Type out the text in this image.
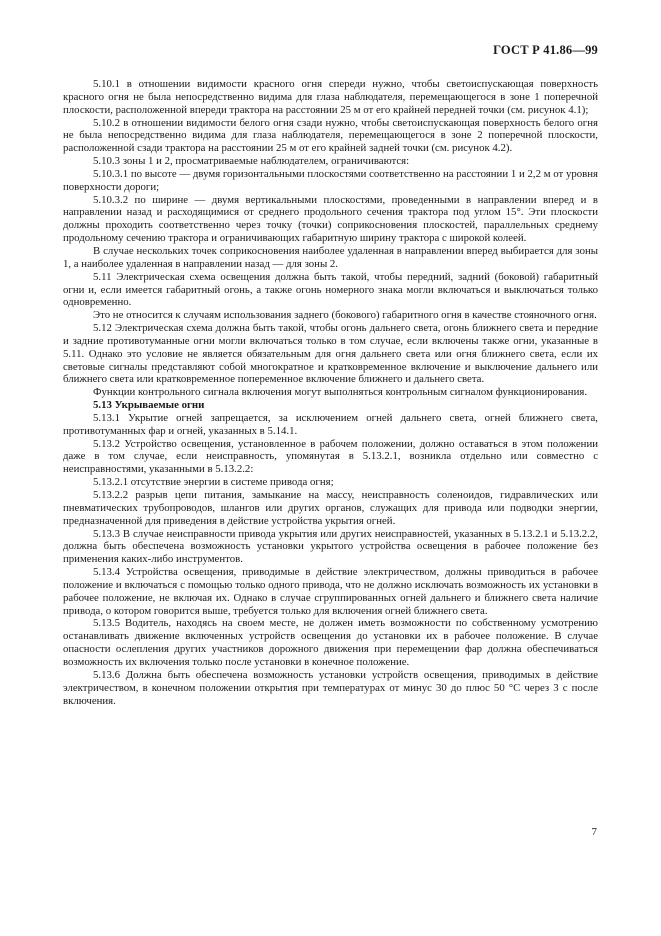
ГОСТ Р 41.86—99

5.10.1 в отношении видимости красного огня спереди нужно, чтобы светоиспускающая поверхность красного огня не была непосредственно видима для глаза наблюдателя, перемещающегося в зоне 1 поперечной плоскости, расположенной впереди трактора на расстоянии 25 м от его крайней передней точки (см. рисунок 4.1);

5.10.2 в отношении видимости белого огня сзади нужно, чтобы светоиспускающая поверхность белого огня не была непосредственно видима для глаза наблюдателя, перемещающегося в зоне 2 поперечной плоскости, расположенной сзади трактора на расстоянии 25 м от его крайней задней точки (см. рисунок 4.2).

5.10.3 зоны 1 и 2, просматриваемые наблюдателем, ограничиваются:

5.10.3.1 по высоте — двумя горизонтальными плоскостями соответственно на расстоянии 1 и 2,2 м от уровня поверхности дороги;

5.10.3.2 по ширине — двумя вертикальными плоскостями, проведенными в направлении вперед и в направлении назад и расходящимися от среднего продольного сечения трактора под углом 15°. Эти плоскости должны проходить соответственно через точку (точки) соприкосновения плоскостей, параллельных среднему продольному сечению трактора и ограничивающих габаритную ширину трактора с широкой колеей.

В случае нескольких точек соприкосновения наиболее удаленная в направлении вперед выбирается для зоны 1, а наиболее удаленная в направлении назад — для зоны 2.

5.11 Электрическая схема освещения должна быть такой, чтобы передний, задний (боковой) габаритный огни и, если имеется габаритный огонь, а также огонь номерного знака могли включаться и выключаться только одновременно.

Это не относится к случаям использования заднего (бокового) габаритного огня в качестве стояночного огня.

5.12 Электрическая схема должна быть такой, чтобы огонь дальнего света, огонь ближнего света и передние и задние противотуманные огни могли включаться только в том случае, если включены также огни, указанные в 5.11. Однако это условие не является обязательным для огня дальнего света или огня ближнего света, если их световые сигналы представляют собой многократное и кратковременное включение и выключение дальнего или ближнего света или кратковременное попеременное включение ближнего и дальнего света.

Функции контрольного сигнала включения могут выполняться контрольным сигналом функционирования.

5.13 Укрываемые огни

5.13.1 Укрытие огней запрещается, за исключением огней дальнего света, огней ближнего света, противотуманных фар и огней, указанных в 5.14.1.

5.13.2 Устройство освещения, установленное в рабочем положении, должно оставаться в этом положении даже в том случае, если неисправность, упомянутая в 5.13.2.1, возникла отдельно или совместно с неисправностями, указанными в 5.13.2.2:

5.13.2.1 отсутствие энергии в системе привода огня;

5.13.2.2 разрыв цепи питания, замыкание на массу, неисправность соленоидов, гидравлических или пневматических трубопроводов, шлангов или других органов, служащих для привода или подводки энергии, предназначенной для приведения в действие устройства укрытия огней.

5.13.3 В случае неисправности привода укрытия или других неисправностей, указанных в 5.13.2.1 и 5.13.2.2, должна быть обеспечена возможность установки укрытого устройства освещения в рабочее положение без применения каких-либо инструментов.

5.13.4 Устройства освещения, приводимые в действие электричеством, должны приводиться в рабочее положение и включаться с помощью только одного привода, что не должно исключать возможность их установки в рабочее положение, не включая их. Однако в случае сгруппированных огней дальнего и ближнего света наличие привода, о котором говорится выше, требуется только для включения огней ближнего света.

5.13.5 Водитель, находясь на своем месте, не должен иметь возможности по собственному усмотрению останавливать движение включенных устройств освещения до установки их в рабочее положение. В случае опасности ослепления других участников дорожного движения при перемещении фар должна обеспечиваться возможность их включения только после установки в конечное положение.

5.13.6 Должна быть обеспечена возможность установки устройств освещения, приводимых в действие электричеством, в конечном положении открытия при температурах от минус 30 до плюс 50 °С через 3 с после включения.

7
